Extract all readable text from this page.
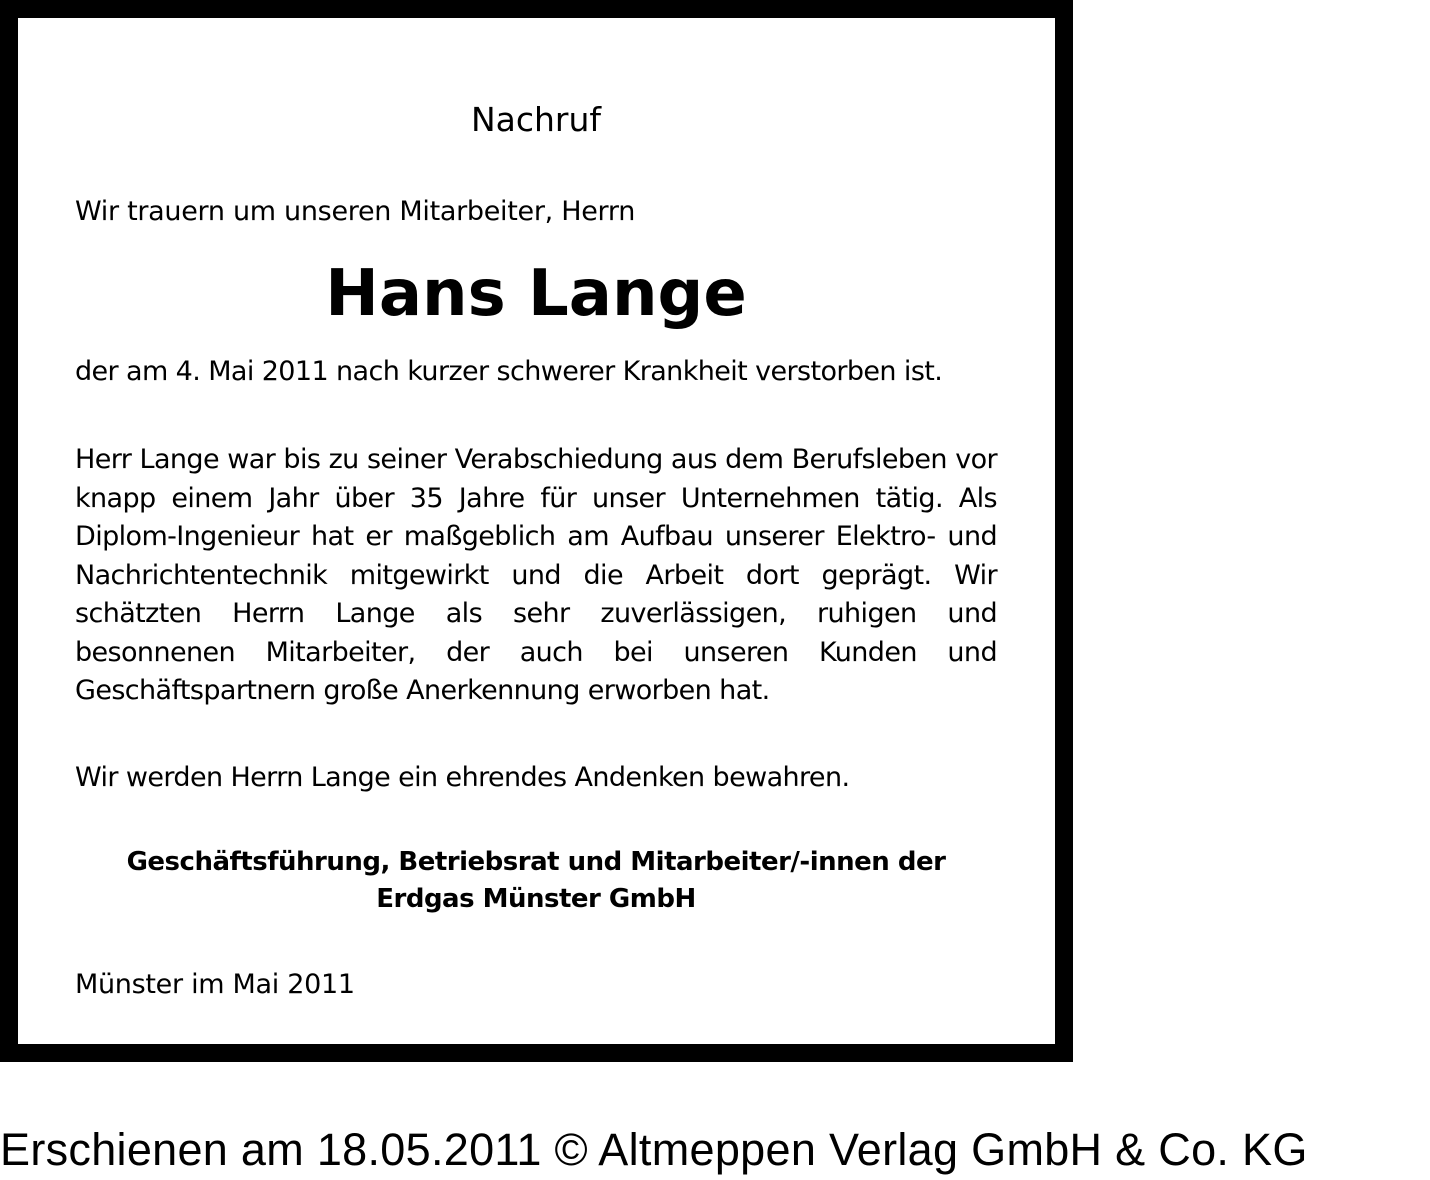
Nachruf
Wir trauern um unseren Mitarbeiter, Herrn
Hans Lange

der am 4. Mai 2011 nach kurzer schwerer Krankheit verstorben ist.

Herr Lange war bis zu seiner Verabschiedung aus dem Berufsleben vor knapp einem Jahr über 35 Jahre für unser Unternehmen tätig. Als Diplom-Ingenieur hat er maßgeblich am Aufbau unserer Elektro- und Nachrichtentechnik mitgewirkt und die Arbeit dort geprägt. Wir schätzten Herrn Lange als sehr zuverlässigen, ruhigen und besonnenen Mitarbeiter, der auch bei unseren Kunden und Geschäftspartnern große Anerkennung erworben hat.

Wir werden Herrn Lange ein ehrendes Andenken bewahren.

Geschäftsführung, Betriebsrat und Mitarbeiter/-innen der
Erdgas Münster GmbH
Münster im Mai 2011
Erschienen am 18.05.2011 © Altmeppen Verlag GmbH & Co. KG
